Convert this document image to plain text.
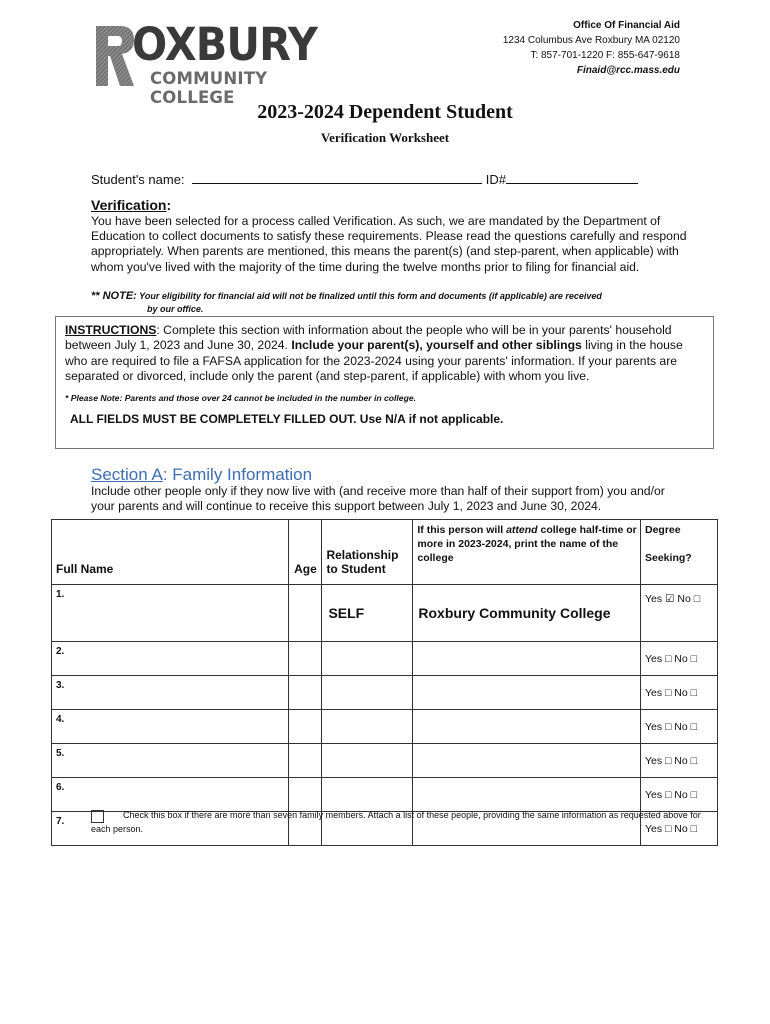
OXBURY
COMMUNITY COLLEGE
Office Of Financial Aid
1234 Columbus Ave Roxbury MA 02120
T: 857-701-1220 F: 855-647-9618
Finaid@rcc.mass.edu
2023-2024 Dependent Student
Verification Worksheet
Student's name:	ID#
Verification:
You have been selected for a process called Verification. As such, we are mandated by the Department of Education to collect documents to satisfy these requirements. Please read the questions carefully and respond appropriately. When parents are mentioned, this means the parent(s) (and step-parent, when applicable) with whom you've lived with the majority of the time during the twelve months prior to filing for financial aid.
** NOTE: Your eligibility for financial aid will not be finalized until this form and documents (if applicable) are received
by our office.
INSTRUCTIONS: Complete this section with information about the people who will be in your parents' household between July 1, 2023 and June 30, 2024. Include your parent(s), yourself and other siblings living in the house who are required to file a FAFSA application for the 2023-2024 using your parents' information. If your parents are separated or divorced, include only the parent (and step-parent, if applicable) with whom you live.
* Please Note: Parents and those over 24 cannot be included in the number in college.
ALL FIELDS MUST BE COMPLETELY FILLED OUT. Use N/A if not applicable.
Section A: Family Information
Include other people only if they now live with (and receive more than half of their support from) you and/or your parents and will continue to receive this support between July 1, 2023 and June 30, 2024.
Full Name	Age	Relationship to Student	If this person will attend college half-time or more in 2023-2024, print the name of the college	Degree
Seeking?

1.		SELF	Roxbury Community College	Yes ☑ No □
2.				Yes □ No □
3.				Yes □ No □
4.				Yes □ No □
5.				Yes □ No □
6.				Yes □ No □
7.				Yes □ No □
Check this box if there are more than seven family members. Attach a list of these people, providing the same information as requested above for each person.
